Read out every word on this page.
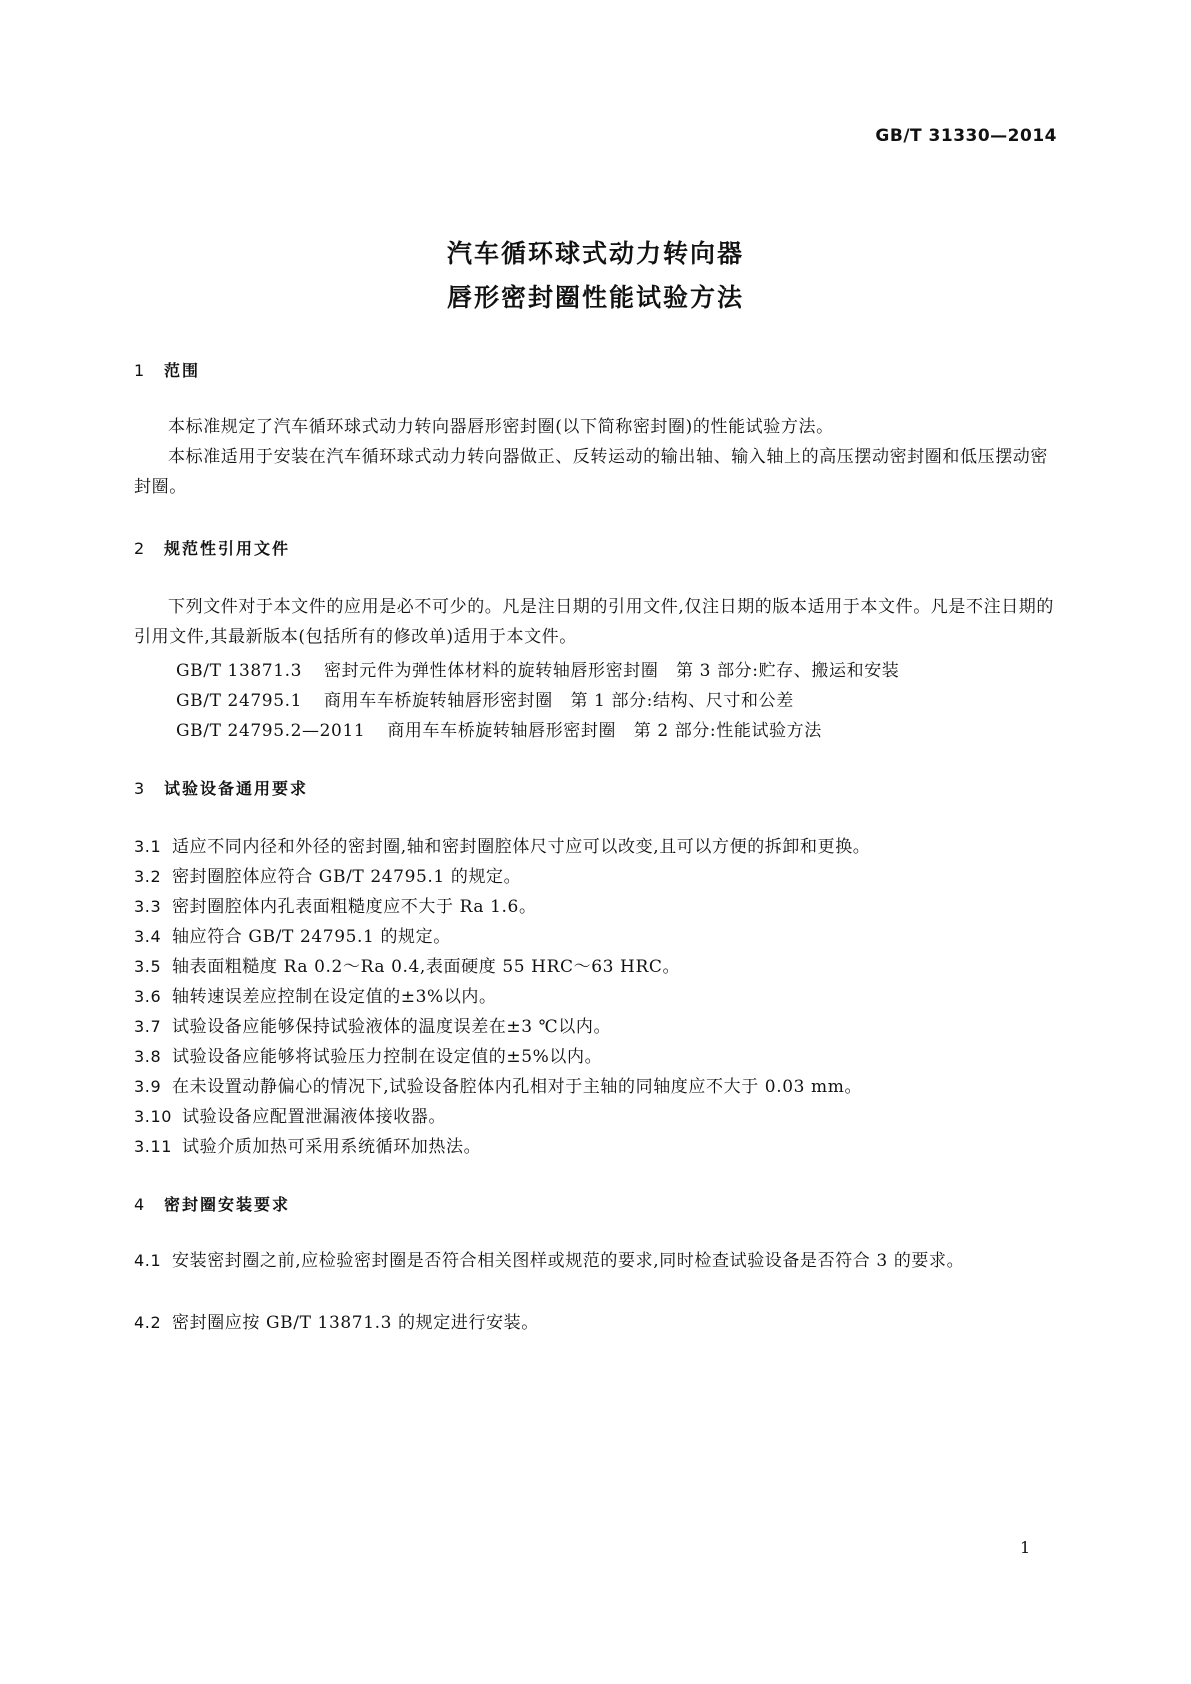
GB/T 31330—2014
汽车循环球式动力转向器
唇形密封圈性能试验方法
1 范围
本标准规定了汽车循环球式动力转向器唇形密封圈(以下简称密封圈)的性能试验方法。
本标准适用于安装在汽车循环球式动力转向器做正、反转运动的输出轴、输入轴上的高压摆动密封圈和低压摆动密封圈。
2 规范性引用文件
下列文件对于本文件的应用是必不可少的。凡是注日期的引用文件,仅注日期的版本适用于本文件。凡是不注日期的引用文件,其最新版本(包括所有的修改单)适用于本文件。
GB/T 13871.3 密封元件为弹性体材料的旋转轴唇形密封圈　第 3 部分:贮存、搬运和安装
GB/T 24795.1 商用车车桥旋转轴唇形密封圈　第 1 部分:结构、尺寸和公差
GB/T 24795.2—2011 商用车车桥旋转轴唇形密封圈　第 2 部分:性能试验方法
3 试验设备通用要求
3.1 适应不同内径和外径的密封圈,轴和密封圈腔体尺寸应可以改变,且可以方便的拆卸和更换。
3.2 密封圈腔体应符合 GB/T 24795.1 的规定。
3.3 密封圈腔体内孔表面粗糙度应不大于 Ra 1.6。
3.4 轴应符合 GB/T 24795.1 的规定。
3.5 轴表面粗糙度 Ra 0.2～Ra 0.4,表面硬度 55 HRC～63 HRC。
3.6 轴转速误差应控制在设定值的±3%以内。
3.7 试验设备应能够保持试验液体的温度误差在±3 ℃以内。
3.8 试验设备应能够将试验压力控制在设定值的±5%以内。
3.9 在未设置动静偏心的情况下,试验设备腔体内孔相对于主轴的同轴度应不大于 0.03 mm。
3.10 试验设备应配置泄漏液体接收器。
3.11 试验介质加热可采用系统循环加热法。
4 密封圈安装要求
4.1 安装密封圈之前,应检验密封圈是否符合相关图样或规范的要求,同时检查试验设备是否符合 3 的要求。
4.2 密封圈应按 GB/T 13871.3 的规定进行安装。
1
